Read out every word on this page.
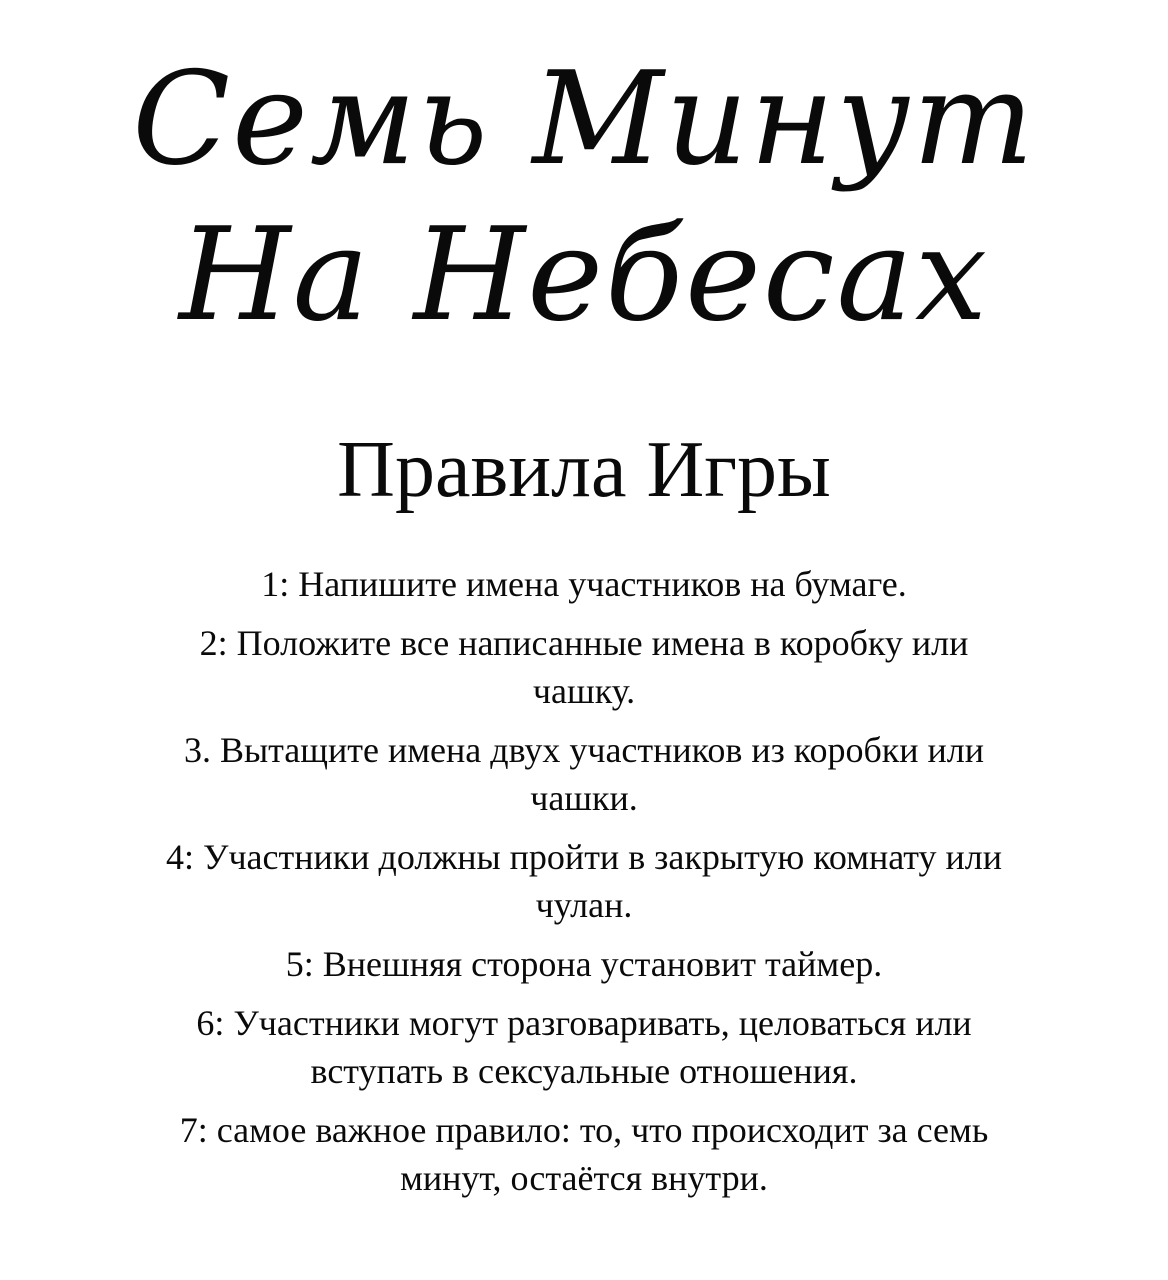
Семь Минут
На Небесах
Правила Игры
1: Напишите имена участников на бумаге.
2: Положите все написанные имена в коробку или чашку.
3. Вытащите имена двух участников из коробки или чашки.
4: Участники должны пройти в закрытую комнату или чулан.
5: Внешняя сторона установит таймер.
6: Участники могут разговаривать, целоваться или вступать в сексуальные отношения.
7: самое важное правило: то, что происходит за семь минут, остаётся внутри.
